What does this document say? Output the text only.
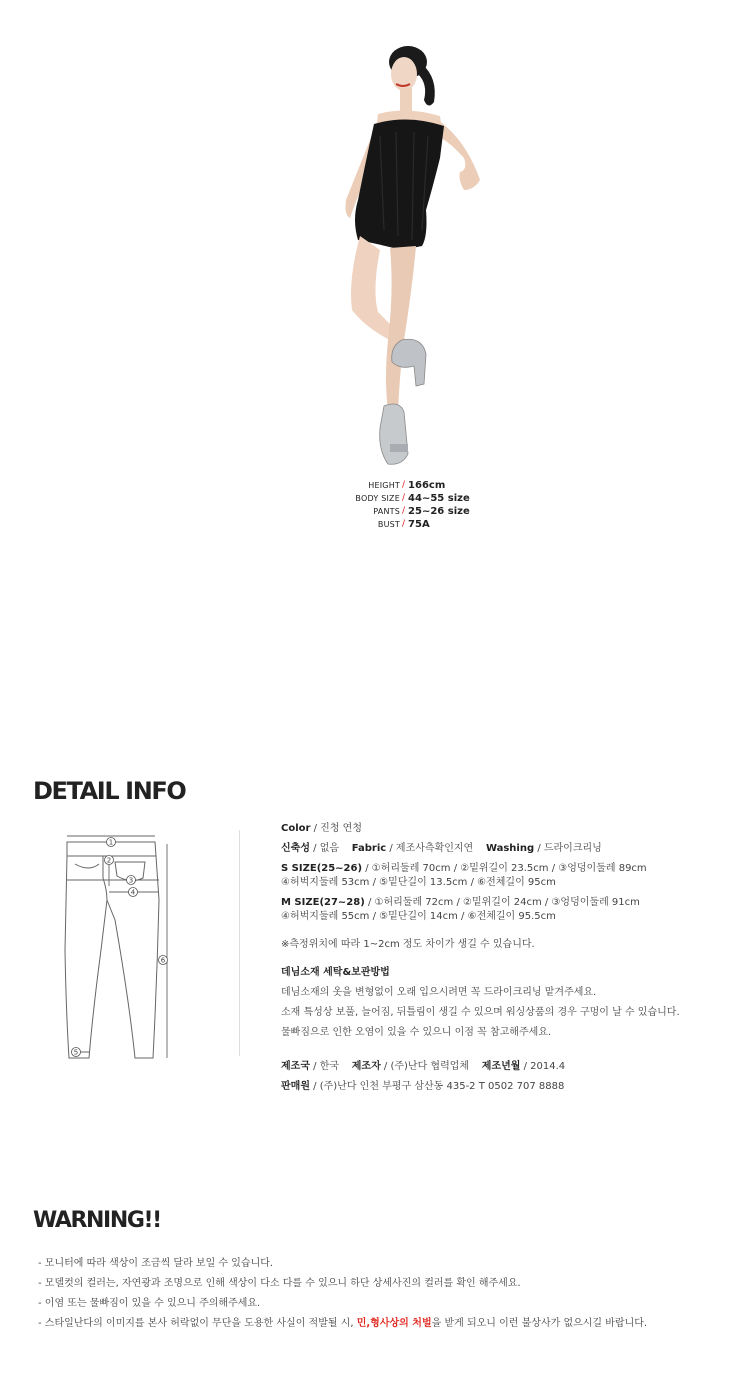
HEIGHT / 166cm
BODY SIZE / 44~55 size
PANTS / 25~26 size
BUST / 75A
DETAIL INFO
1
2
3
4
5
6

Color / 진청 연청

신축성 / 없음 Fabric / 제조사측확인지연 Washing / 드라이크리닝

S SIZE(25~26) / ①허리둘레 70cm / ②밑위길이 23.5cm / ③엉덩이둘레 89cm

④허벅지둘레 53cm / ⑤밑단길이 13.5cm / ⑥전체길이 95cm

M SIZE(27~28) / ①허리둘레 72cm / ②밑위길이 24cm / ③엉덩이둘레 91cm

④허벅지둘레 55cm / ⑤밑단길이 14cm / ⑥전체길이 95.5cm

※측정위치에 따라 1~2cm 정도 차이가 생길 수 있습니다.

데님소재 세탁&보관방법

데님소재의 옷을 변형없이 오래 입으시려면 꼭 드라이크리닝 맡겨주세요.

소재 특성상 보풀, 늘어짐, 뒤틀림이 생길 수 있으며 워싱상품의 경우 구멍이 날 수 있습니다.

물빠짐으로 인한 오염이 있을 수 있으니 이점 꼭 참고해주세요.

제조국 / 한국 제조자 / (주)난다 협력업체 제조년월 / 2014.4

판매원 / (주)난다 인천 부평구 삼산동 435-2 T 0502 707 8888

WARNING!!

- 모니터에 따라 색상이 조금씩 달라 보일 수 있습니다.

- 모델컷의 컬러는, 자연광과 조명으로 인해 색상이 다소 다를 수 있으니 하단 상세사진의 컬러를 확인 해주세요.

- 이염 또는 물빠짐이 있을 수 있으니 주의해주세요.

- 스타일난다의 이미지를 본사 허락없이 무단을 도용한 사실이 적발될 시, 민,형사상의 처벌을 받게 되오니 이런 불상사가 없으시길 바랍니다.
